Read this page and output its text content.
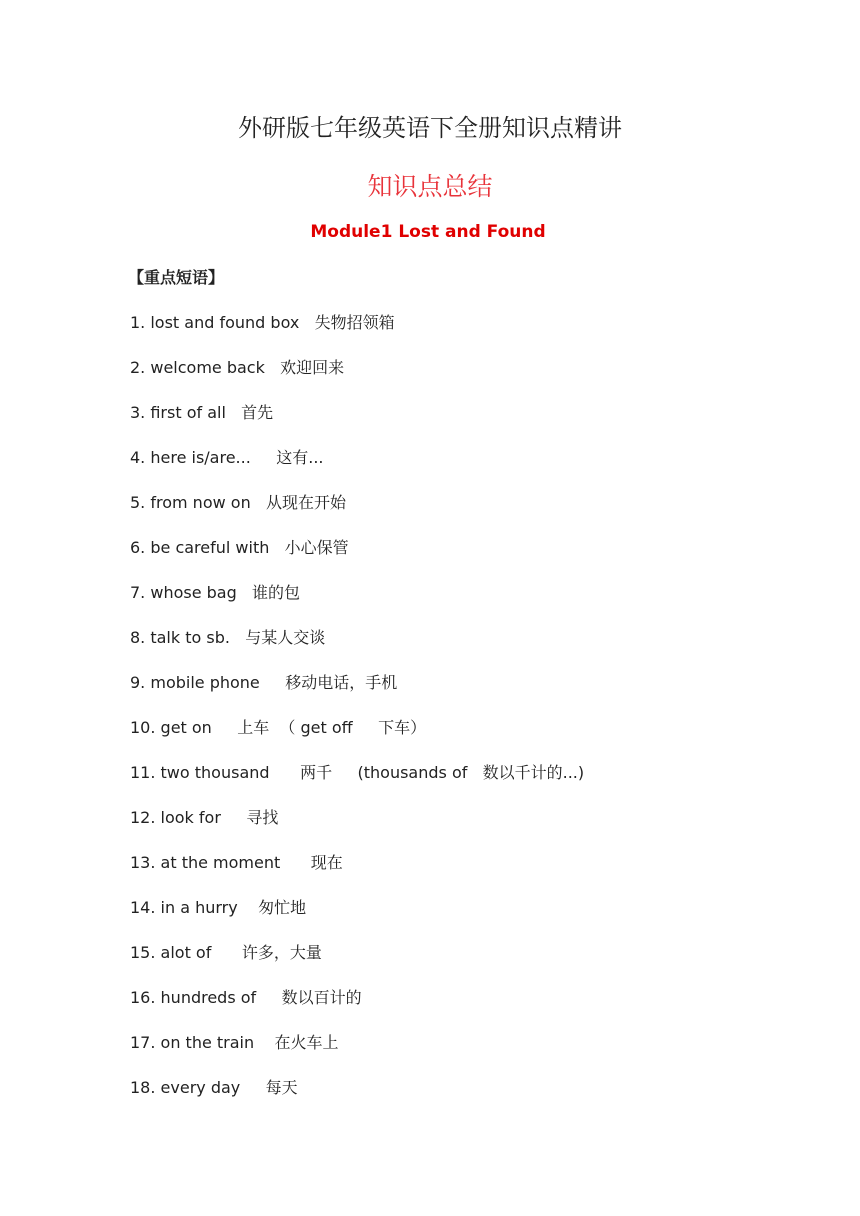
外研版七年级英语下全册知识点精讲
知识点总结
Module1 Lost and Found
【重点短语】
1. lost and found box   失物招领箱
2. welcome back   欢迎回来
3. first of all   首先
4. here is/are...     这有...
5. from now on   从现在开始
6. be careful with   小心保管
7. whose bag   谁的包
8. talk to sb.   与某人交谈
9. mobile phone     移动电话，手机
10. get on     上车  （ get off     下车）
11. two thousand      两千     (thousands of   数以千计的...)
12. look for     寻找
13. at the moment      现在
14. in a hurry    匆忙地
15. alot of      许多，大量
16. hundreds of     数以百计的
17. on the train    在火车上
18. every day     每天
